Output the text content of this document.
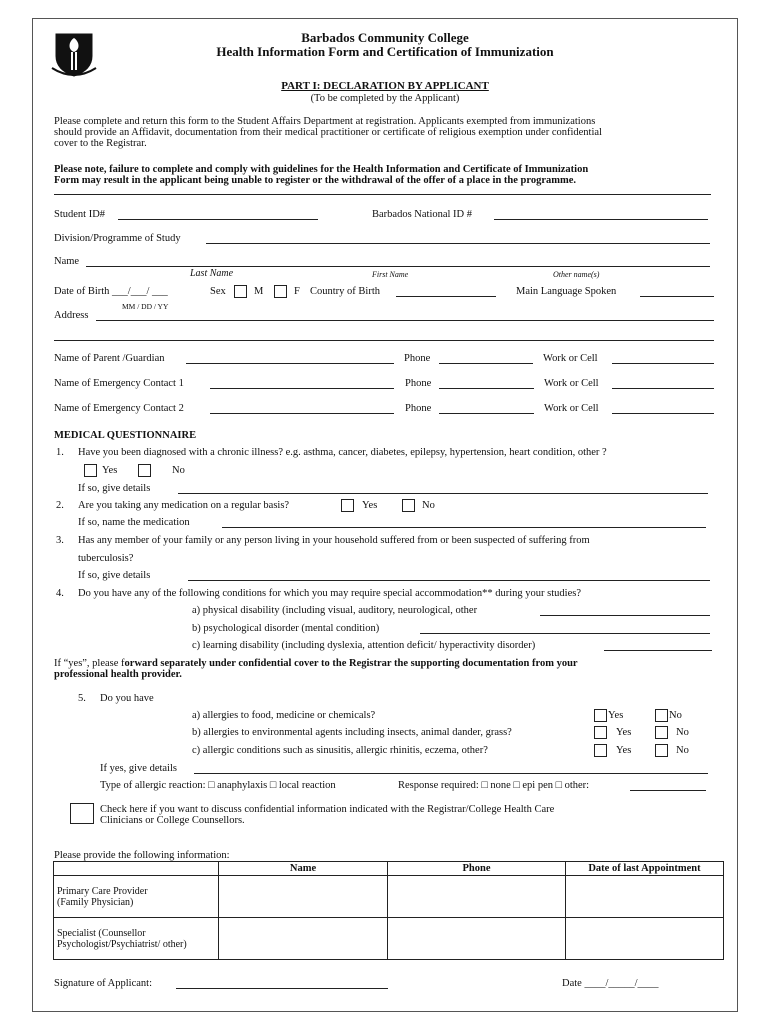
Barbados Community College
Health Information Form and Certification of Immunization
PART I: DECLARATION BY APPLICANT
(To be completed by the Applicant)
Please complete and return this form to the Student Affairs Department at registration. Applicants exempted from immunizations
should provide an Affidavit, documentation from their medical practitioner or certificate of religious exemption under confidential
cover to the Registrar.
Please note, failure to complete and comply with guidelines for the Health Information and Certificate of Immunization
Form may result in the applicant being unable to register or the withdrawal of the offer of a place in the programme.
Student ID#	Barbados National ID #
Division/Programme of Study
Name
Last Name	First Name	Other name(s)
Date of Birth ___/___/ ___
MM / DD / YY
Sex	M	F Country of Birth	Main Language Spoken
Address
Name of Parent /Guardian	Phone	Work or Cell
Name of Emergency Contact 1	Phone	Work or Cell
Name of Emergency Contact 2	Phone	Work or Cell
MEDICAL QUESTIONNAIRE
1. Have you been diagnosed with a chronic illness? e.g. asthma, cancer, diabetes, epilepsy, hypertension, heart condition, other ?
Yes	No
If so, give details
2. Are you taking any medication on a regular basis?	Yes	No
If so, name the medication
3. Has any member of your family or any person living in your household suffered from or been suspected of suffering from
tuberculosis?
If so, give details
4. Do you have any of the following conditions for which you may require special accommodation** during your studies?
a) physical disability (including visual, auditory, neurological, other
b) psychological disorder (mental condition)
c) learning disability (including dyslexia, attention deficit/ hyperactivity disorder)
If “yes”, please forward separately under confidential cover to the Registrar the supporting documentation from your
professional health provider.
5. Do you have
a) allergies to food, medicine or chemicals?	Yes	No
b) allergies to environmental agents including insects, animal dander, grass?	Yes	No
c) allergic conditions such as sinusitis, allergic rhinitis, eczema, other?	Yes	No
If yes, give details
Type of allergic reaction: □ anaphylaxis □ local reaction	Response required: □ none □ epi pen □ other:
Check here if you want to discuss confidential information indicated with the Registrar/College Health Care
Clinicians or College Counsellors.
Please provide the following information:
	Name	Phone	Date of last Appointment
Primary Care Provider
(Family Physician)			
Specialist (Counsellor
Psychologist/Psychiatrist/ other)			
Signature of Applicant:	Date ____/_____/____
